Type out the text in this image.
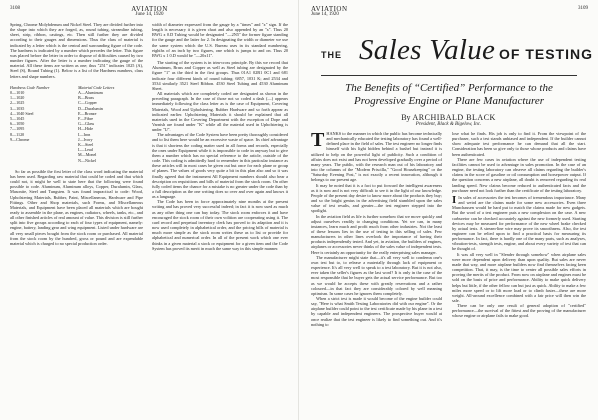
3108	AVIATION
June 14, 1920

Spring, Chrome Molybdenum and Nickel Steel. They are divided further into the shape into which they are forged, as, round tubing, streamline tubing, sheet, strip, ribbon, castings, etc. Then still further they are divided according to their gauges and dimensions. Thus the class of material is indicated by a letter which is the central and surrounding figure of the code. The hardness is indicated by a number which precedes the letter. This figure was placed before the letter in order to dispose of difficulties caused by two number figures. After the letter is a number indicating the gauge of the material. All these items are written as one; thus "251" indicates 1025 (A), Steel (S), Round Tubing (1). Below is a list of the Hardness numbers, class letters and shape numbers.

Hardness Code Number
0—1010
1—1020
2—1025
3—1035
4—1040 Steel
5—1045
6—1050
7—1095
8—1120
9—Chrome
Material Code Letters
A—Aluminum
B—Brass
C—Copper
D—Duralumin
E—Bronze
F—Fibre
G—Glass
H—Hide
I—Iron
J—Ivory
K—Steel
L—Lead
M—Monel
N—Nickel

So far as possible the first letter of the class word indicating the material has been used. Regarding raw material that could be coded and that which could not, it might be well to state here that the following were found possible to code. Aluminum, Aluminum alloys, Copper, Duralumin, Glass, Masonite, Steel and Tungsten. It was found impractical to code: Wood, Upholstering Materials, Rubber, Paint, Miscellaneous, Hardware and Pipe Fittings. Other and Shop materials, such Forms, and Miscellaneous Materials, and Equipment have been placed all materials which are bought ready to assemble in the plane, as engines, radiators, wheels, tanks, etc., and all other finished articles of real amount of value. This division is still further split into five groups according to each of four types of equipment, namely: engine, battery, landing gear and wing equipment. Listed under hardware are all very small pieces bought from the stock room or purchased. All material from the stock room by the hundred, gross or pound and are expendable material which is charged to no special production order.

width of diameter expressed from the gauge by a "times" and "x" sign. If the length is necessary it is given chart and also appended by an "x". Thus 20 BWG x 0.D Tubing would be designated "—2N5" the former figure standing for the gauge and the latter for 2. In designating the width or diameter we use the same system which the U.S. Bureau uses in its standard numbering, eighths of an inch by two figures, one which is jumps to and on. Thus 20 BWG x 1 0.D would be "—20x11".

The starting of the system is in trim-cross principle. By this we record that Aluminum, Brass and Copper as well as Steel tubing are designated by the figure "1" as the third in the first groups. Thus 01A1 02B1 0C1 and 681 indicate four different kinds of round tubing; 6857, 1031 K; and 2534 and 3534 similarly 3521 Steel Ribbon. 4530 Steel Tubing and 4530 Aluminum Sheet.

All materials which are completely coded are designated as shown in the preceding paragraph. In the case of those not so coded a dash (—) appears immediately following the class letter as is the case of Equipment, Covering Materials, Wood and Upholstering. Rubber Hardware and so forth appear as indicated earlier. Upholstering Materials it should be explained that all materials used in the Covering Department with the exception of Dope and Varnish are found under "K" while all the material used in Upholstering is under "U".

The advantages of the Code System have been pretty thoroughly considered and to list them here would be an excessive waste of space. Its chief advantage is that it shortens the coding matter used in all forms and records, especially the ones under Equipment while it is impossible to code in anyway but to give them a number which has no special reference to the article, outside of the code. This coding is admittedly hard to remember in this particular instance as these articles will in most cases be given out but once for each plane or group of planes. The values of goods very quite a bit in this plan also and so it was finally agreed that the instrument All Equipment numbers should also bear a description on requisitions and bills of material from the stock room. On other fully coded items the chance for a mistake is no greater under the code than by a full description as the one writing does so over and over again and knows it as a language.

The Code has been in force approximately nine months at the present writing and has proved very successful indeed; in fact it is now used as much as any other thing one can buy today. The stock room enforces it and have encouraged the stock room of their own volition are cooperating using it. The card record and perpetual inventory clerk has proved to its adaption and it is now used completely in alphabetical order, and the pricing bills of material is much more simple as the stock room writes these as to list or provide for alphabetical and numerical order. In all of the present work which one ever thinks in a given material a stock or equipment for a given item and the Code System has proved its merit in much the same way in this simple manner.

AVIATION
June 14, 1920
3109
THE Sales Value OF TESTING
The Benefits of “Certified” Performance to the Progressive Engine or Plane Manufacturer
By ARCHIBALD BLACK
President, Black & Bigelow, Inc.

THANKS to the manner in which the public has become technically and mechanically educated the testing laboratory has found a well-defined place in the field of sales. The test engineer no longer finds himself with his light hidden behind a bushel but instead it is utilized to help on the powerful light of publicity. Such a condition of affairs does not exist and has not been developed gradually over a period of many years. The public, with the research man out of his laboratory and into the columns of the "Modern Priscilla," "Good Housekeeping" or the "Saturday Evening Post," is not exactly a recent innovation, although it belongs to our present age.

It may be noted that it is a fact to put forward the intelligent awareness as it is now and is not very difficult to see it in the light of our knowledge. People of the present day desire to know more about the products they buy; and so the bright genius in the advertising field stumbled upon the sales value of test results, and greater—the test engineer stepped into the spotlight.

In the aviation field as life is further somehow that we move quickly and adjust ourselves readily to changing conditions. Yet we can, in many instances, learn much and profit much from other industries. Not the least of these lessons lies in the use of testing in this selling of sales. Few manufacturers in other lines overlook the importance of having their products independently tested. And yet, in aviation, the builders of engines, airplanes or accessories never thinks of the sales value of independent tests. Here is certainly an opportunity for the really enterprising sales manager.

The manufacturer might state that—it's all very well to condemn one's own test but to, to release a materially through lack of equipment or experience. It's all very well to speak to a test laboratory. But it is not also, ever taken the seller's figures as the last word? It is only in the case of the most responsible that he buyer gets the actual service performance. But too as we would be accepts these with greatly reservations and a rather coloured—in that fact they are considerably colored by well meaning optimism. In some cases he ignores them completely.

When a strict test is made it would become of the engine builder could say, "Here is what Smith Testing Laboratories did with our engine". Or the airplane builder could point to the test certificate made by his plane in a test by capable and independent engineers. The prospective buyer would at once realize that the test engineer is likely to find something out. And it's nothing to

lose what he finds. His job is only to find it. From the viewpoint of the purchaser, such a test stands unbiased and independent. If the builder cannot show adequate test performance he can demand that all the start. Consideration has been so give only to those whose products and claims have been authenticated.

There are few cases in aviation where the use of independent testing facilities cannot be used to advantage in sales promotion. In the case of an engine, the testing laboratory can observe all claims regarding the builder's claims in the score of gasoline or oil consumption and horsepower output. If the question concerns a new airplane, all doubt is removed regarding its real landing speed. New claims become reduced to authenticated facts and the purchaser need not look further than the certificate of the testing laboratory.

I In sales of accessories the test becomes of tremendous importance. Many and weird are the claims made for some new accessories. Even three Munchausen would be hard put to match the claims made for new gadgets. But the word of a test engineer puts a new complexion on the case. A new carburetor can be checked accurately against the new formerly used. Starting devices may be measured for performance of the new wheel brake checked by actual tests. A stream-line wire may prove its smoothness. Also, the test engineer can be relied upon to find a practical basis for measuring its performance. In fact, there is hardly one of the many parts, such as analyses, vibration-tests, strength tests, engine, and about every variety of test that can be thought of.

It was all very well in "Slender through somehow" when airplane sales were more dependent upon delivery than upon quality. But sales are never made that way, and more airplane builders now find themselves facing keen competition. That, it may, is the time to center all possible sales efforts in proving the merits of the product. From now on airplane and engines must be sold on the basis of price and performance. Ability to make quick delivery helps but little, if the other fellow can but just as quick. Ability to make a few miles more speed or to lift more load or to climb faster—these are more weight. All-around excellence combined with a fair price will then win the sale.

There can be only one result of general adoption of "certified" performance—the survival of the fittest and the proving of the manufacturer whose engine or airplane fails to make good.
